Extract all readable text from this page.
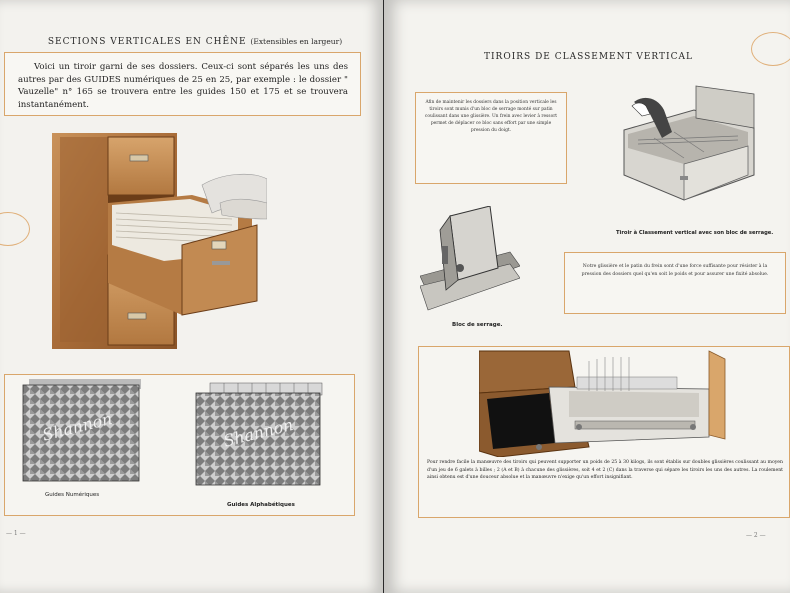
SECTIONS VERTICALES EN CHÊNE (Extensibles en largeur)
Voici un tiroir garni de ses dossiers. Ceux-ci sont séparés les uns des autres par des GUIDES numériques de 25 en 25, par exemple : le dossier " Vauzelle" n° 165 se trouvera entre les guides 150 et 175 et se trouvera instantanément.
Shannon
Guides Numériques
Shannon
Guides Alphabétiques
— 1 —
TIROIRS DE CLASSEMENT VERTICAL
Afin de maintenir les dossiers dans la position verticale les tiroirs sont munis d'un bloc de serrage monté sur patin coulissant dans une glissière. Un frein avec levier à ressort permet de déplacer ce bloc sans effort par une simple pression du doigt.
Tiroir à Classement vertical avec son bloc de serrage.
Bloc de serrage.
Notre glissière et le patin du frein sont d'une force suffisante pour résister à la pression des dossiers quel qu'en soit le poids et pour assurer une fixité absolue.
Pour rendre facile la manœuvre des tiroirs qui peuvent supporter un poids de 25 à 30 kilogs, ils sont établis sur doubles glissières coulissant au moyen d'un jeu de 6 galets à billes ; 2 (A et B) à chacune des glissières, soit 4 et 2 (C) dans la traverse qui sépare les tiroirs les uns des autres. La roulement ainsi obtenu est d'une douceur absolue et la manœuvre n'exige qu'un effort insignifiant.
— 2 —
